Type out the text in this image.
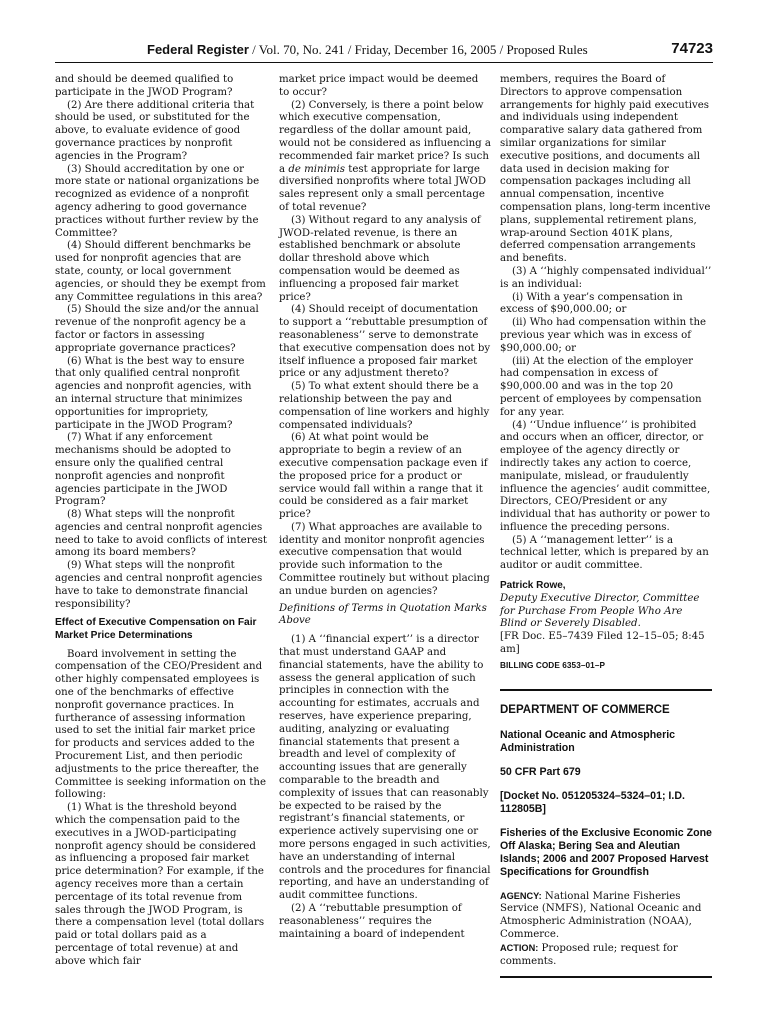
Federal Register / Vol. 70, No. 241 / Friday, December 16, 2005 / Proposed Rules	74723

and should be deemed qualified to participate in the JWOD Program?

(2) Are there additional criteria that should be used, or substituted for the above, to evaluate evidence of good governance practices by nonprofit agencies in the Program?

(3) Should accreditation by one or more state or national organizations be recognized as evidence of a nonprofit agency adhering to good governance practices without further review by the Committee?

(4) Should different benchmarks be used for nonprofit agencies that are state, county, or local government agencies, or should they be exempt from any Committee regulations in this area?

(5) Should the size and/or the annual revenue of the nonprofit agency be a factor or factors in assessing appropriate governance practices?

(6) What is the best way to ensure that only qualified central nonprofit agencies and nonprofit agencies, with an internal structure that minimizes opportunities for impropriety, participate in the JWOD Program?

(7) What if any enforcement mechanisms should be adopted to ensure only the qualified central nonprofit agencies and nonprofit agencies participate in the JWOD Program?

(8) What steps will the nonprofit agencies and central nonprofit agencies need to take to avoid conflicts of interest among its board members?

(9) What steps will the nonprofit agencies and central nonprofit agencies have to take to demonstrate financial responsibility?

Effect of Executive Compensation on Fair Market Price Determinations

Board involvement in setting the compensation of the CEO/President and other highly compensated employees is one of the benchmarks of effective nonprofit governance practices. In furtherance of assessing information used to set the initial fair market price for products and services added to the Procurement List, and then periodic adjustments to the price thereafter, the Committee is seeking information on the following:

(1) What is the threshold beyond which the compensation paid to the executives in a JWOD-participating nonprofit agency should be considered as influencing a proposed fair market price determination? For example, if the agency receives more than a certain percentage of its total revenue from sales through the JWOD Program, is there a compensation level (total dollars paid or total dollars paid as a percentage of total revenue) at and above which fair

market price impact would be deemed to occur?

(2) Conversely, is there a point below which executive compensation, regardless of the dollar amount paid, would not be considered as influencing a recommended fair market price? Is such a de minimis test appropriate for large diversified nonprofits where total JWOD sales represent only a small percentage of total revenue?

(3) Without regard to any analysis of JWOD-related revenue, is there an established benchmark or absolute dollar threshold above which compensation would be deemed as influencing a proposed fair market price?

(4) Should receipt of documentation to support a ‘‘rebuttable presumption of reasonableness’’ serve to demonstrate that executive compensation does not by itself influence a proposed fair market price or any adjustment thereto?

(5) To what extent should there be a relationship between the pay and compensation of line workers and highly compensated individuals?

(6) At what point would be appropriate to begin a review of an executive compensation package even if the proposed price for a product or service would fall within a range that it could be considered as a fair market price?

(7) What approaches are available to identity and monitor nonprofit agencies executive compensation that would provide such information to the Committee routinely but without placing an undue burden on agencies?

Definitions of Terms in Quotation Marks Above

(1) A ‘‘financial expert’’ is a director that must understand GAAP and financial statements, have the ability to assess the general application of such principles in connection with the accounting for estimates, accruals and reserves, have experience preparing, auditing, analyzing or evaluating financial statements that present a breadth and level of complexity of accounting issues that are generally comparable to the breadth and complexity of issues that can reasonably be expected to be raised by the registrant’s financial statements, or experience actively supervising one or more persons engaged in such activities, have an understanding of internal controls and the procedures for financial reporting, and have an understanding of audit committee functions.

(2) A ‘‘rebuttable presumption of reasonableness’’ requires the maintaining a board of independent

members, requires the Board of Directors to approve compensation arrangements for highly paid executives and individuals using independent comparative salary data gathered from similar organizations for similar executive positions, and documents all data used in decision making for compensation packages including all annual compensation, incentive compensation plans, long-term incentive plans, supplemental retirement plans, wrap-around Section 401K plans, deferred compensation arrangements and benefits.

(3) A ‘‘highly compensated individual’’ is an individual:

(i) With a year’s compensation in excess of $90,000.00; or

(ii) Who had compensation within the previous year which was in excess of $90,000.00; or

(iii) At the election of the employer had compensation in excess of $90,000.00 and was in the top 20 percent of employees by compensation for any year.

(4) ‘‘Undue influence’’ is prohibited and occurs when an officer, director, or employee of the agency directly or indirectly takes any action to coerce, manipulate, mislead, or fraudulently influence the agencies’ audit committee, Directors, CEO/President or any individual that has authority or power to influence the preceding persons.

(5) A ‘‘management letter’’ is a technical letter, which is prepared by an auditor or audit committee.

Patrick Rowe,

Deputy Executive Director, Committee for Purchase From People Who Are Blind or Severely Disabled.

[FR Doc. E5–7439 Filed 12–15–05; 8:45 am]

BILLING CODE 6353–01–P

DEPARTMENT OF COMMERCE

National Oceanic and Atmospheric Administration

50 CFR Part 679

[Docket No. 051205324–5324–01; I.D. 112805B]

Fisheries of the Exclusive Economic Zone Off Alaska; Bering Sea and Aleutian Islands; 2006 and 2007 Proposed Harvest Specifications for Groundfish

AGENCY: National Marine Fisheries Service (NMFS), National Oceanic and Atmospheric Administration (NOAA), Commerce.

ACTION: Proposed rule; request for comments.
